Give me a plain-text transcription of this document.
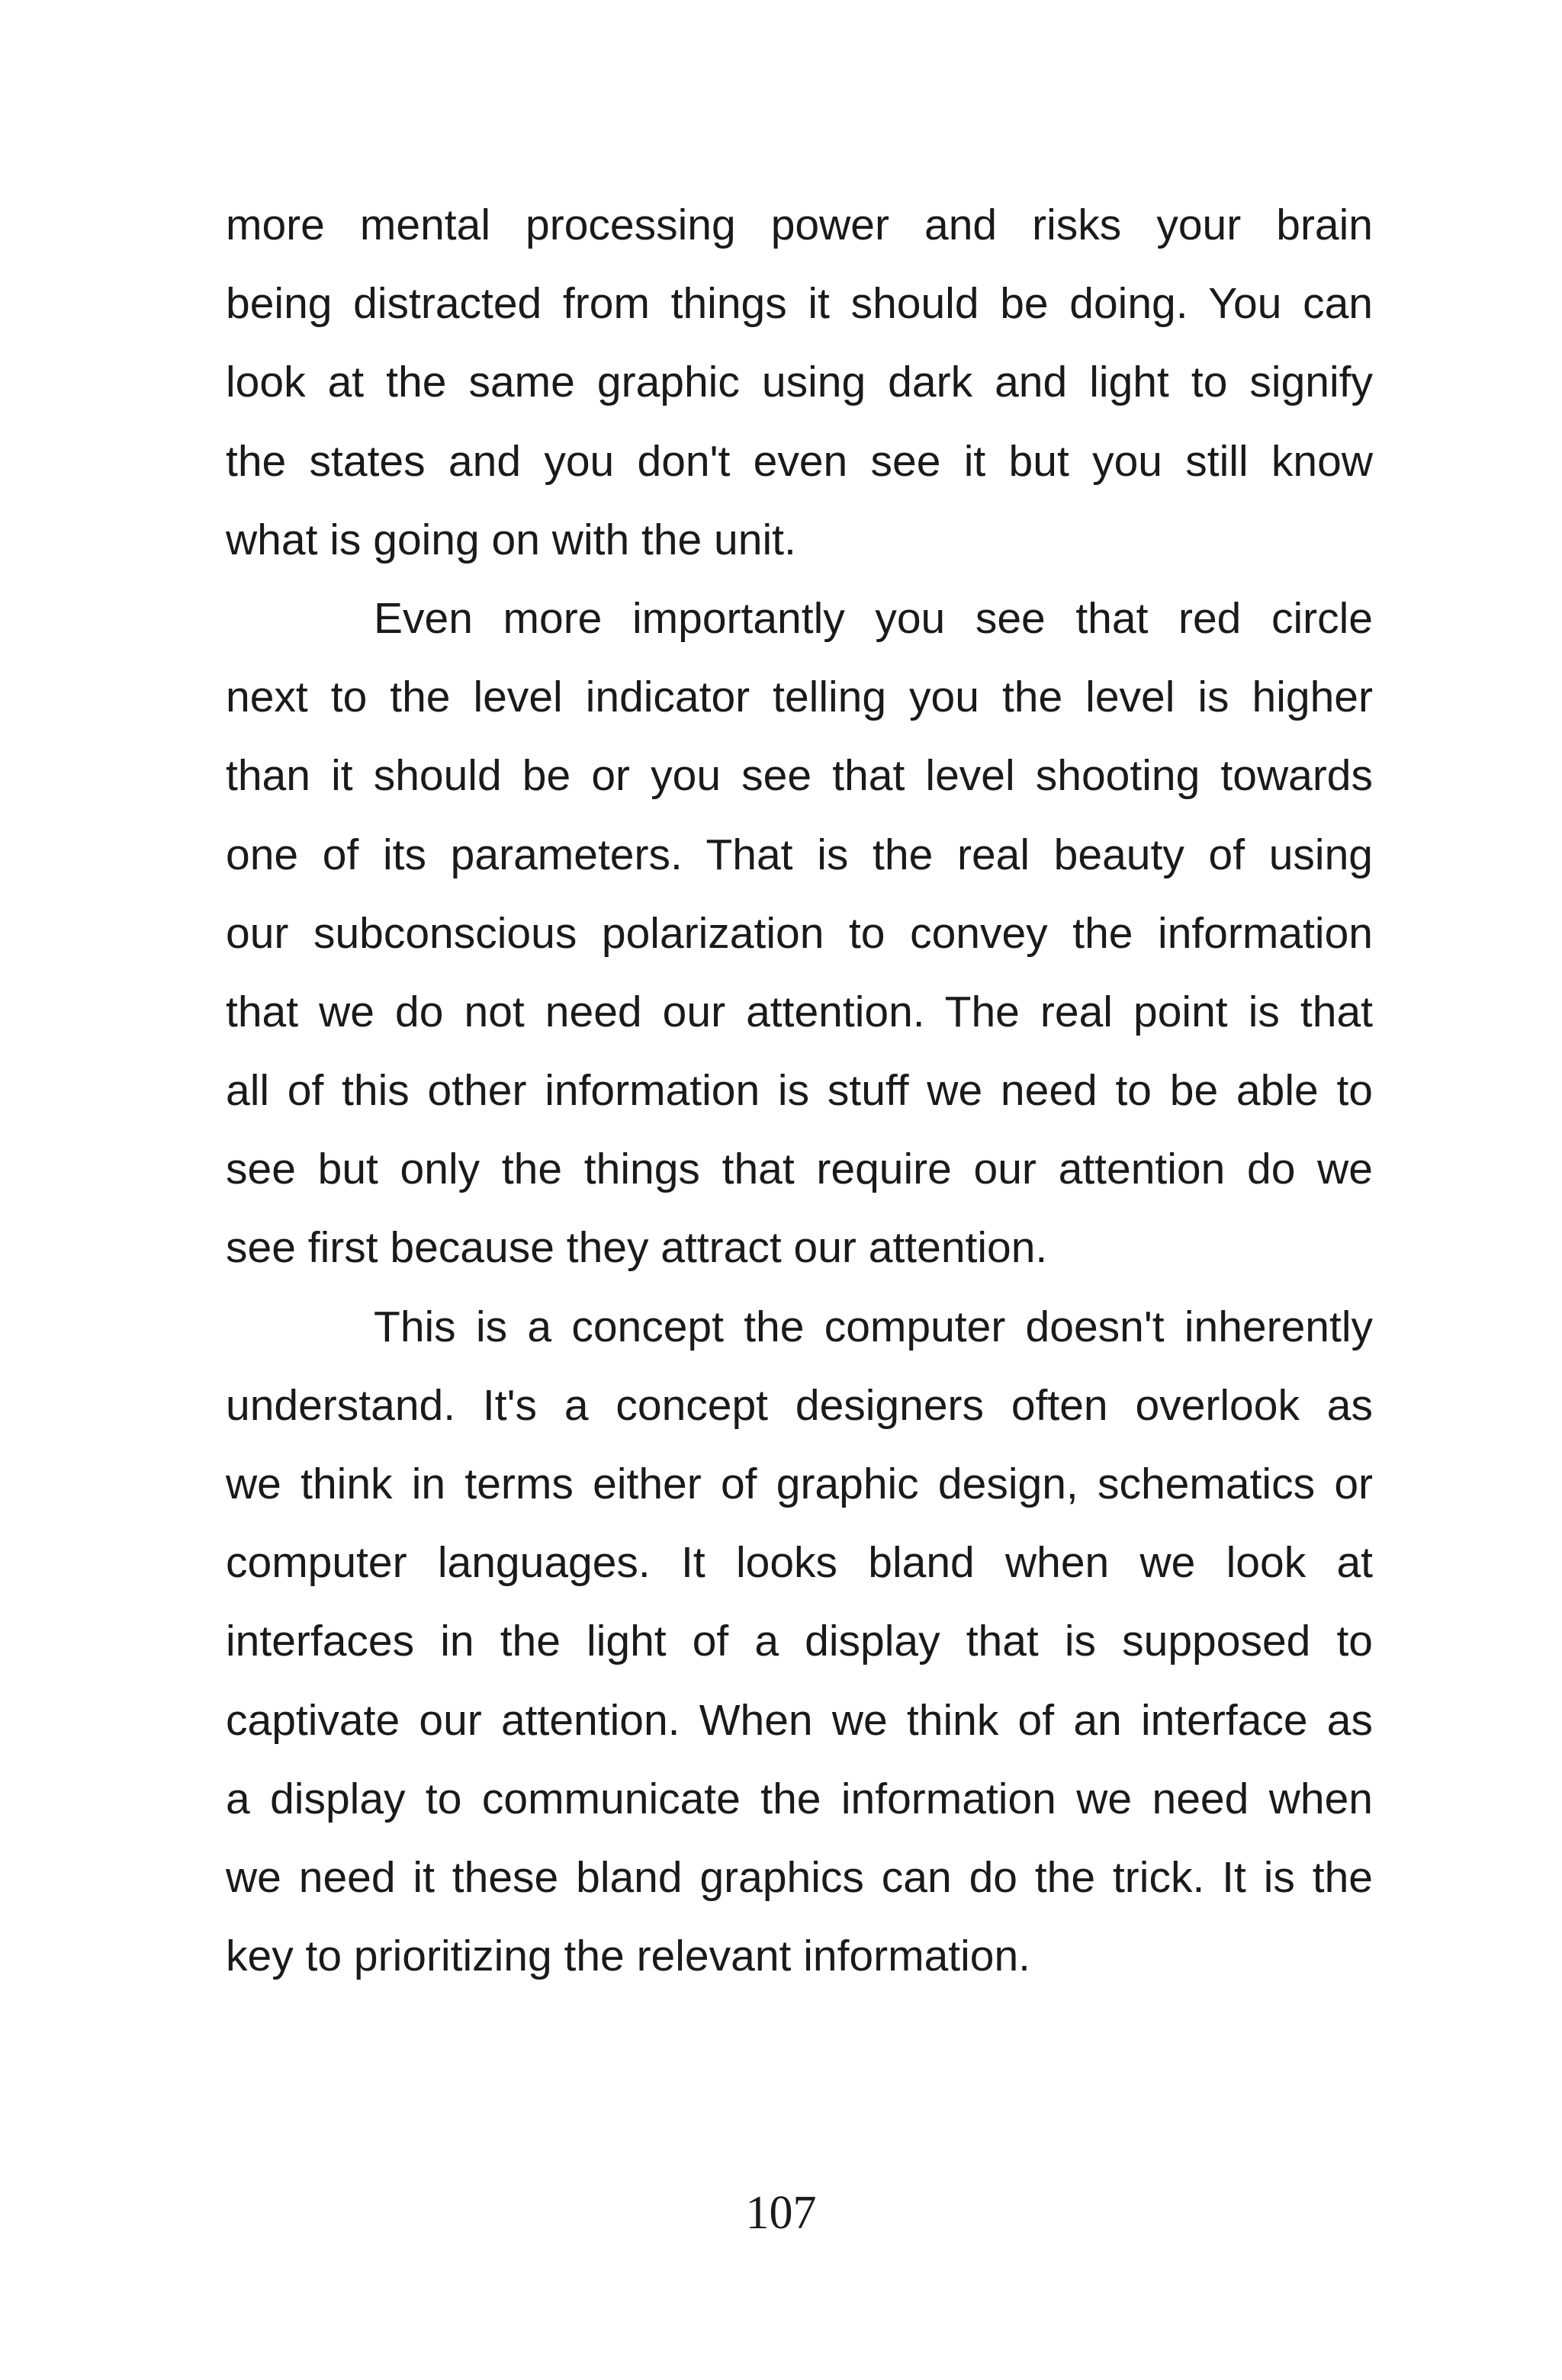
more mental processing power and risks your brain
being distracted from things it should be doing. You can
look at the same graphic using dark and light to signify
the states and you don't even see it but you still know
what is going on with the unit.
Even more importantly you see that red circle
next to the level indicator telling you the level is higher
than it should be or you see that level shooting towards
one of its parameters. That is the real beauty of using
our subconscious polarization to convey the information
that we do not need our attention. The real point is that
all of this other information is stuff we need to be able to
see but only the things that require our attention do we
see first because they attract our attention.
This is a concept the computer doesn't inherently
understand. It's a concept designers often overlook as
we think in terms either of graphic design, schematics or
computer languages. It looks bland when we look at
interfaces in the light of a display that is supposed to
captivate our attention. When we think of an interface as
a display to communicate the information we need when
we need it these bland graphics can do the trick. It is the
key to prioritizing the relevant information.
107
